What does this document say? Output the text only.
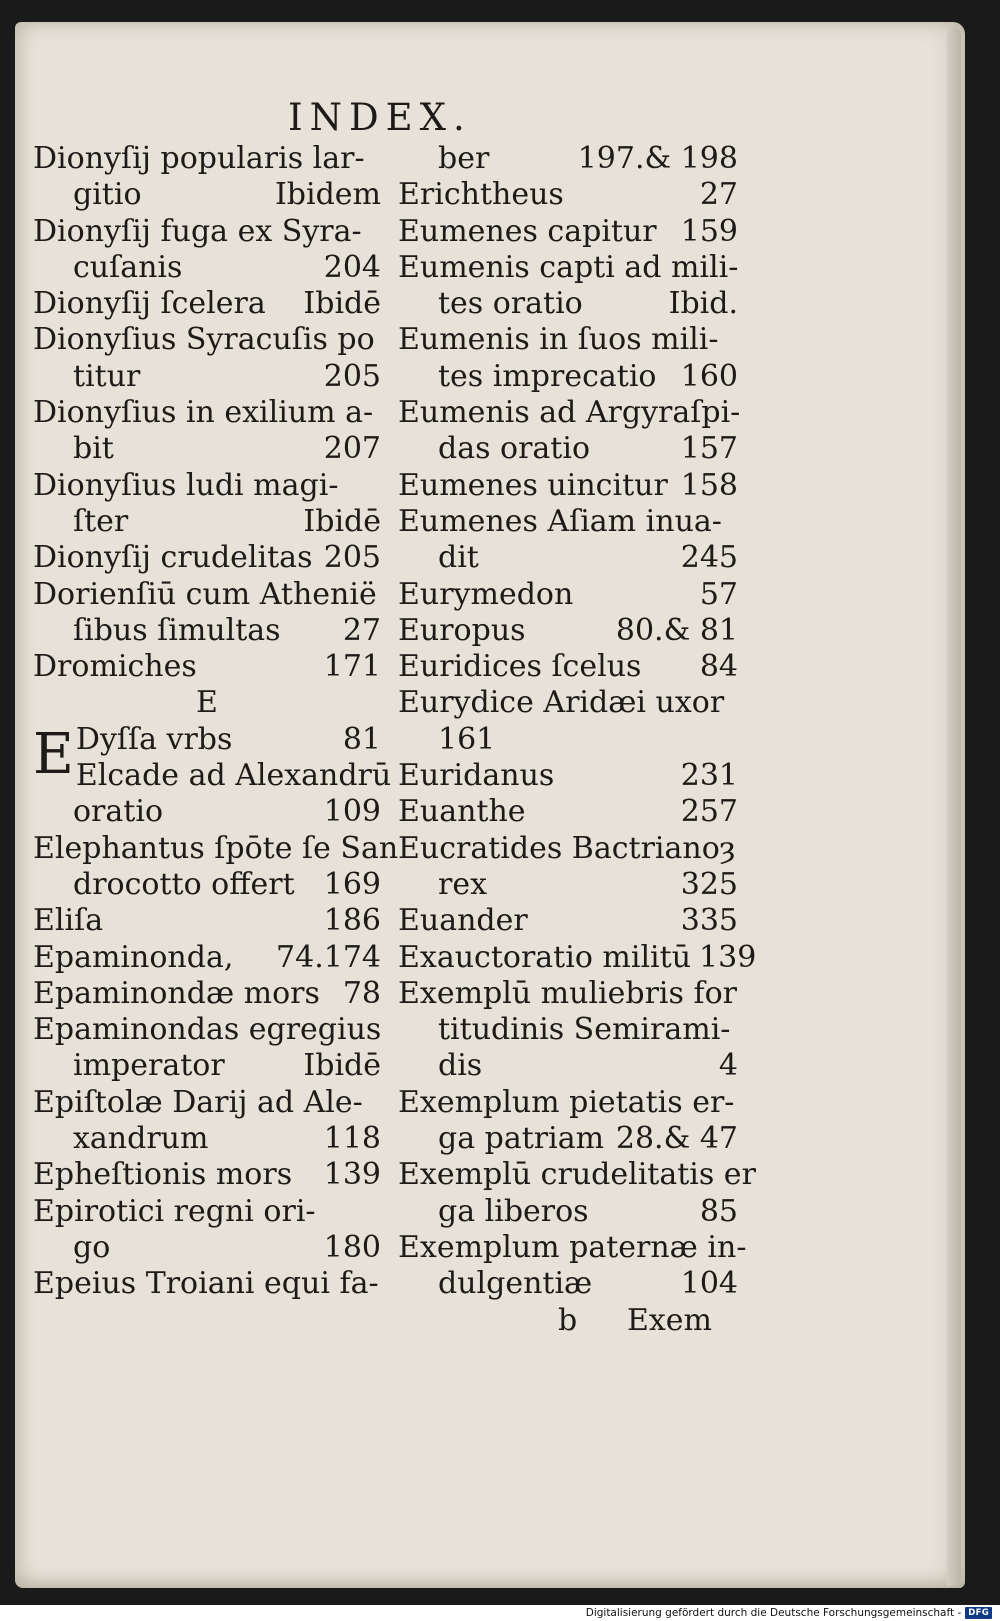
INDEX.
Dionyſij popularis lar-
gitio	Ibidem
Dionyſij fuga ex Syra-
cuſanis	204
Dionyſij ſcelera Ibidē
Dionyſius Syracuſis po
titur	205
Dionyſius in exilium a-
bit	207
Dionyſius ludi magi-
ſter	Ibidē
Dionyſij crudelitas 205
Dorienſiū cum Athenië
ſibus ſimultas 27
Dromiches	171
E
E Dyſſa vrbs	81
Elcade ad Alexandrū
oratio	109
Elephantus ſpōte ſe San
drocotto offert 169
Eliſa	186
Epaminonda, 74.174
Epaminondæ mors 78
Epaminondas egregius
imperator	Ibidē
Epiſtolæ Darij ad Ale-
xandrum	118
Epheſtionis mors 139
Epirotici regni ori-
go	180
Epeius Troiani equi fa-
ber	197.& 198
Erichtheus	27
Eumenes capitur 159
Eumenis capti ad mili-
tes oratio	Ibid.
Eumenis in ſuos mili-
tes imprecatio 160
Eumenis ad Argyraſpi-
das oratio	157
Eumenes uincitur 158
Eumenes Aſiam inua-
dit	245
Eurymedon	57
Europus	80.& 81
Euridices ſcelus 84
Eurydice Aridæi uxor
161
Euridanus	231
Euanthe	257
Eucratides Bactrianoȝ
rex	325
Euander	335
Exauctoratio militū 139
Exemplū muliebris for
titudinis Semirami-
dis	4
Exemplum pietatis er-
ga patriam 28.& 47
Exemplū crudelitatis er
ga liberos	85
Exemplum paternæ in-
dulgentiæ	104
b Exem
Digitalisierung gefördert durch die Deutsche Forschungsgemeinschaft - DFG
